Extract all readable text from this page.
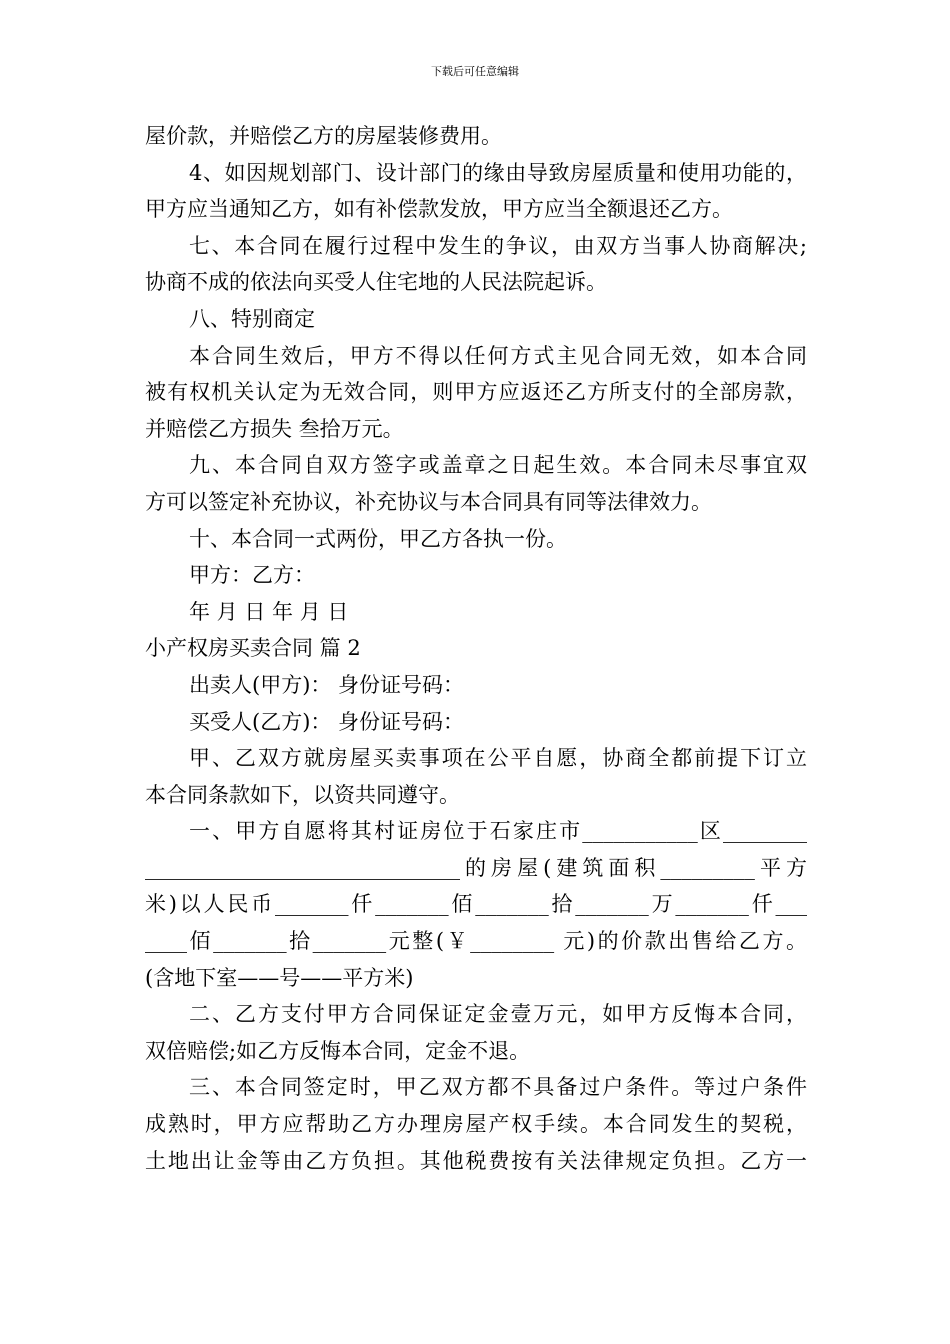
下载后可任意编辑
屋价款，并赔偿乙方的房屋装修费用。
4、如因规划部门、设计部门的缘由导致房屋质量和使用功能的，
甲方应当通知乙方，如有补偿款发放，甲方应当全额退还乙方。
七、本合同在履行过程中发生的争议，由双方当事人协商解决;
协商不成的依法向买受人住宅地的人民法院起诉。
八、特别商定
本合同生效后，甲方不得以任何方式主见合同无效，如本合同
被有权机关认定为无效合同，则甲方应返还乙方所支付的全部房款，
并赔偿乙方损失 叁拾万元。
九、本合同自双方签字或盖章之日起生效。本合同未尽事宜双
方可以签定补充协议，补充协议与本合同具有同等法律效力。
十、本合同一式两份，甲乙方各执一份。
甲方：乙方：
年 月 日 年 月 日
小产权房买卖合同 篇 2
出卖人(甲方)： 身份证号码：
买受人(乙方)： 身份证号码：
甲、乙双方就房屋买卖事项在公平自愿，协商全都前提下订立
本合同条款如下，以资共同遵守。
一、甲方自愿将其村证房位于石家庄市___________区________
______________________________的房屋(建筑面积_________平方
米)以人民币_______仟_______佰_______拾_______万_______仟___
____佰_______拾_______元整(￥________ 元)的价款出售给乙方。
(含地下室——号——平方米)
二、乙方支付甲方合同保证定金壹万元，如甲方反悔本合同，
双倍赔偿;如乙方反悔本合同，定金不退。
三、本合同签定时，甲乙双方都不具备过户条件。等过户条件
成熟时，甲方应帮助乙方办理房屋产权手续。本合同发生的契税，
土地出让金等由乙方负担。其他税费按有关法律规定负担。乙方一
